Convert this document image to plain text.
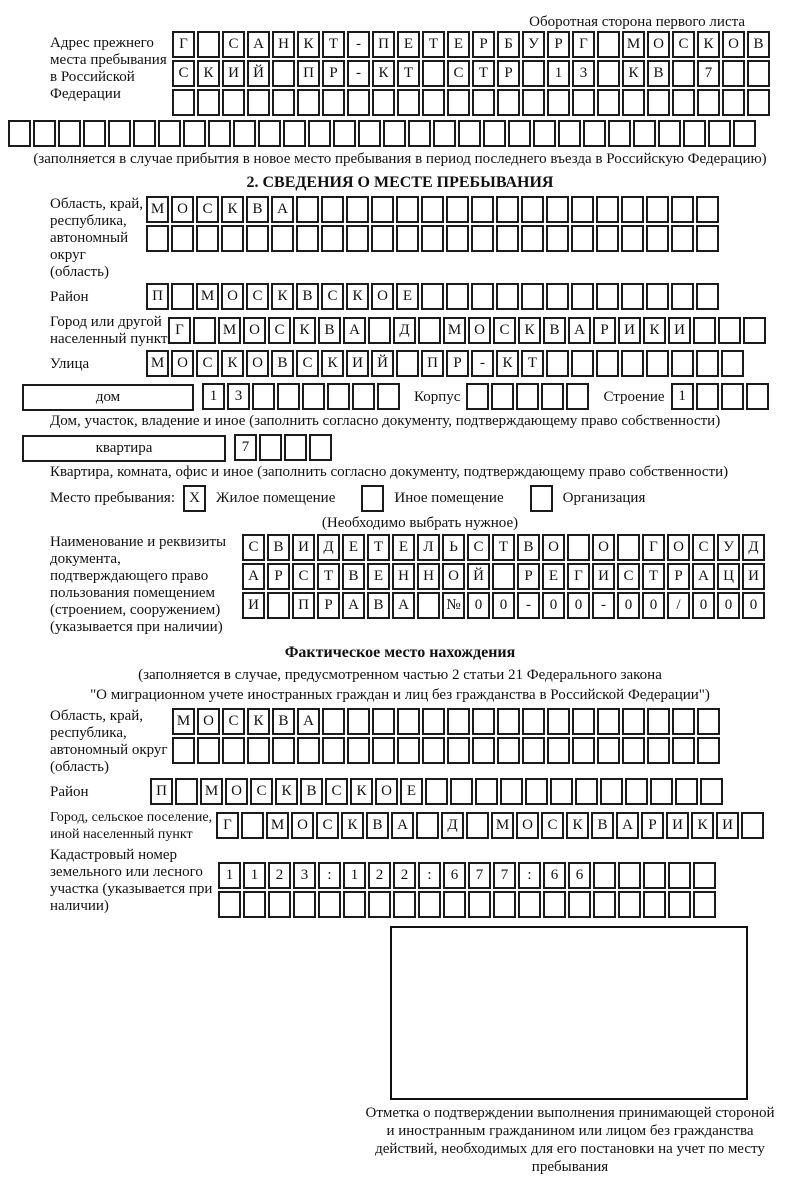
Оборотная сторона первого листа
Адрес прежнего места пребывания в Российской Федерации
Г	С А Н К Т - П Е Т Е Р Б У Р Г	М О С К О В
С К И Й	П Р - К Т	С Т Р	1 3	К В	7
(заполняется в случае прибытия в новое место пребывания в период последнего въезда в Российскую Федерацию)
2. СВЕДЕНИЯ О МЕСТЕ ПРЕБЫВАНИЯ
Область, край, республика, автономный округ (область)
М О С К В А
Район	П	М О С К В С К О Е
Город или другой населенный пункт
Г	М О С К В А	Д	М О С К В А Р И К И
Улица	М О С К О В С К И Й	П Р - К Т
дом	1 3	Корпус	Строение 1
Дом, участок, владение и иное (заполнить согласно документу, подтверждающему право собственности)
квартира	7
Квартира, комната, офис и иное (заполнить согласно документу, подтверждающему право собственности)
Место пребывания: X	Жилое помещение	Иное помещение	Организация
(Необходимо выбрать нужное)
Наименование и реквизиты документа, подтверждающего право пользования помещением (строением, сооружением) (указывается при наличии)
С В И Д Е Т Е Л Ь С Т В О	О	Г О С У Д
А Р С Т В Е Н Н О Й	Р Е Г И С Т Р А Ц И
И	П Р А В А № 0 0 - 0 0 - 0 0 / 0 0 0
Фактическое место нахождения
(заполняется в случае, предусмотренном частью 2 статьи 21 Федерального закона
"О миграционном учете иностранных граждан и лиц без гражданства в Российской Федерации")
Область, край, республика, автономный округ (область)
М О С К В А
Район	П	М О С К В С К О Е
Город, сельское поселение, иной населенный пункт
Г	М О С К В А	Д	М О С К В А Р И К И
Кадастровый номер земельного или лесного участка (указывается при наличии)
1 1 2 3 : 1 2 2 : 6 7 7 : 6 6
Отметка о подтверждении выполнения принимающей стороной и иностранным гражданином или лицом без гражданства действий, необходимых для его постановки на учет по месту пребывания
